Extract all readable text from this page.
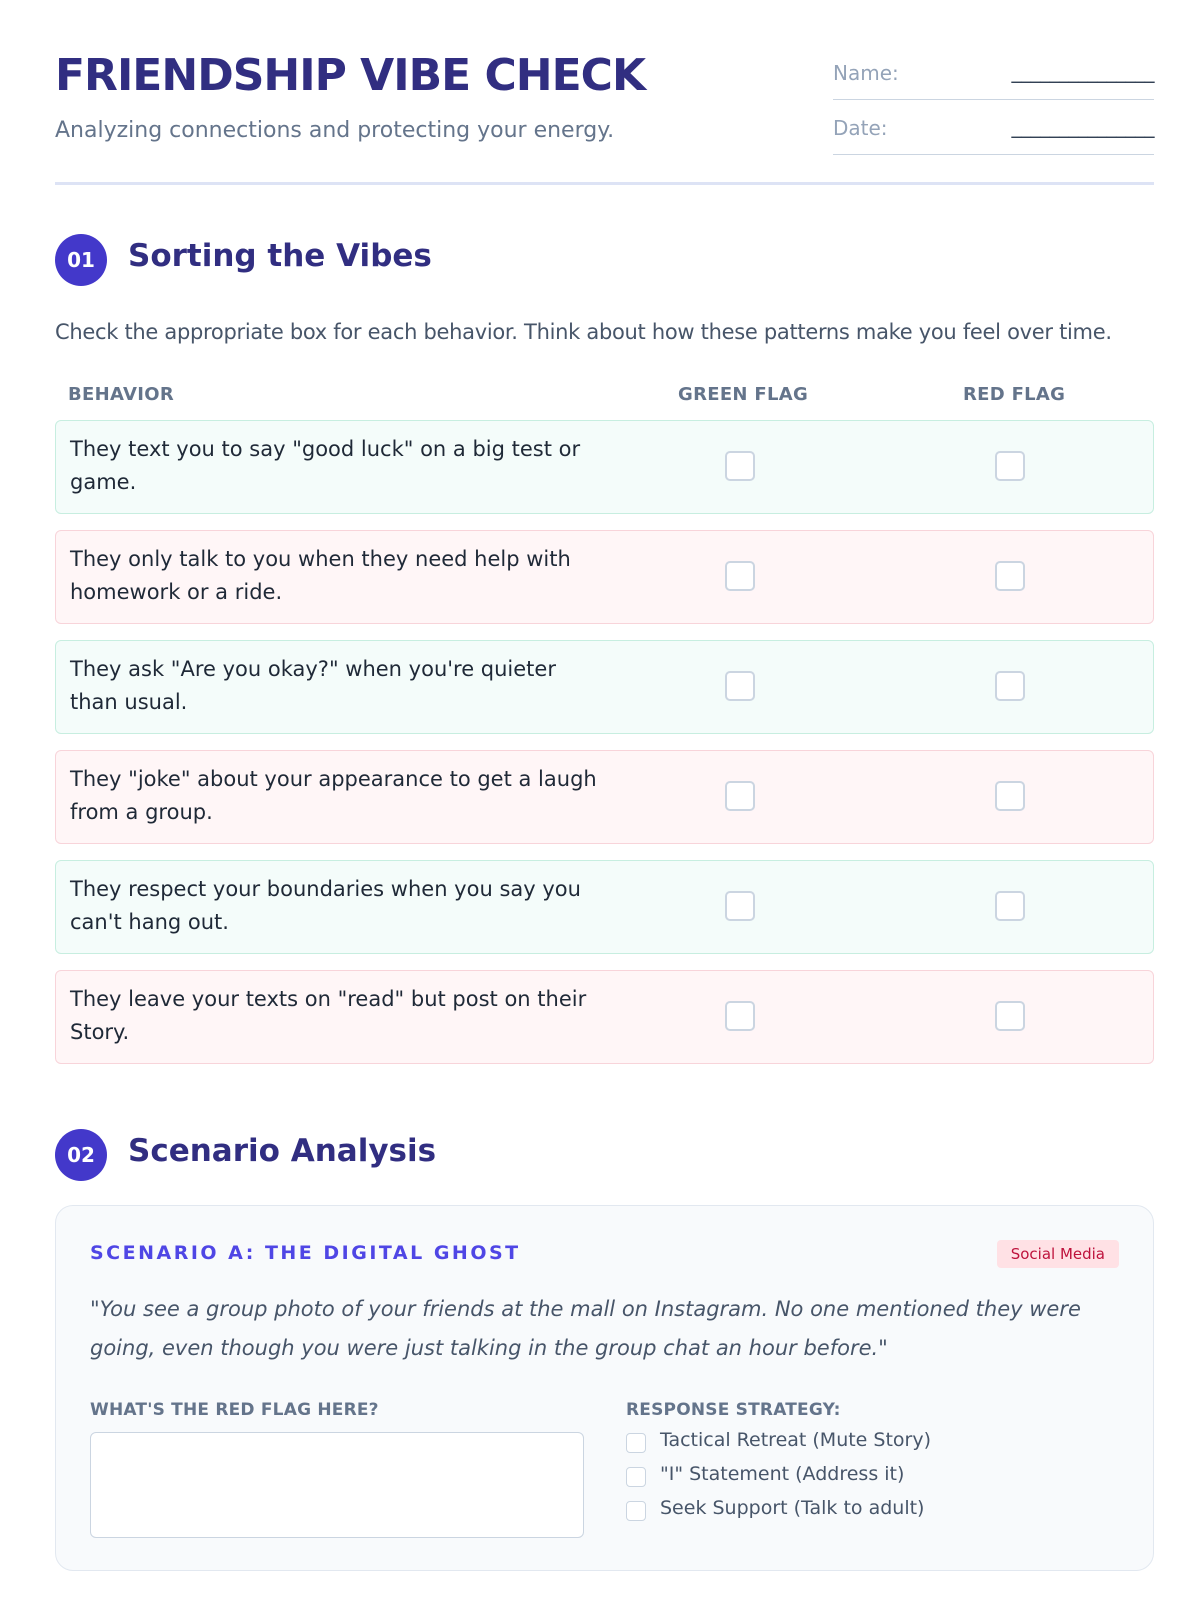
FRIENDSHIP VIBE CHECK

Analyzing connections and protecting your energy.

Name:	_______________
Date:	_______________
01	Sorting the Vibes

Check the appropriate box for each behavior. Think about how these patterns make you feel over time.

BEHAVIOR	GREEN FLAG	RED FLAG
They text you to say "good luck" on a big test or game.
They only talk to you when they need help with homework or a ride.
They ask "Are you okay?" when you're quieter than usual.
They "joke" about your appearance to get a laugh from a group.
They respect your boundaries when you say you can't hang out.
They leave your texts on "read" but post on their Story.
02	Scenario Analysis
SCENARIO A: THE DIGITAL GHOST	Social Media

"You see a group photo of your friends at the mall on Instagram. No one mentioned they were going, even though you were just talking in the group chat an hour before."

WHAT'S THE RED FLAG HERE?	RESPONSE STRATEGY:
Tactical Retreat (Mute Story)
"I" Statement (Address it)
Seek Support (Talk to adult)
